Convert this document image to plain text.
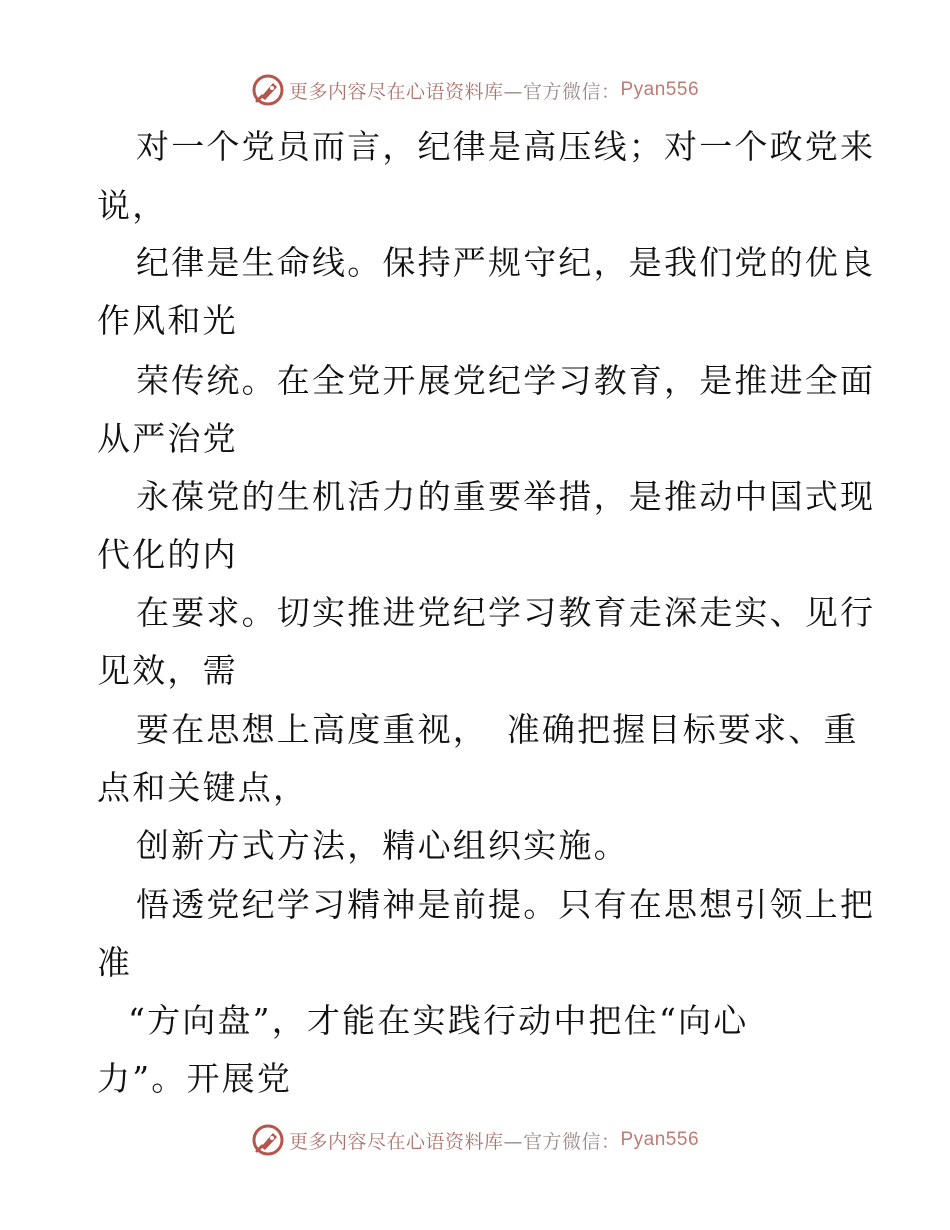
更多内容尽在心语资料库 —官方微信： Pyan556
对一个党员而言，纪律是高压线；对一个政党来
说，
纪律是生命线。保持严规守纪，是我们党的优良
作风和光
荣传统。在全党开展党纪学习教育，是推进全面
从严治党
永葆党的生机活力的重要举措，是推动中国式现
代化的内
在要求。切实推进党纪学习教育走深走实、见行
见效，需
要在思想上高度重视，　准确把握目标要求、重
点和关键点，
创新方式方法，精心组织实施。
悟透党纪学习精神是前提。只有在思想引领上把
准
“方向盘”，才能在实践行动中把住“向心
力”。开展党
更多内容尽在心语资料库 —官方微信： Pyan556
